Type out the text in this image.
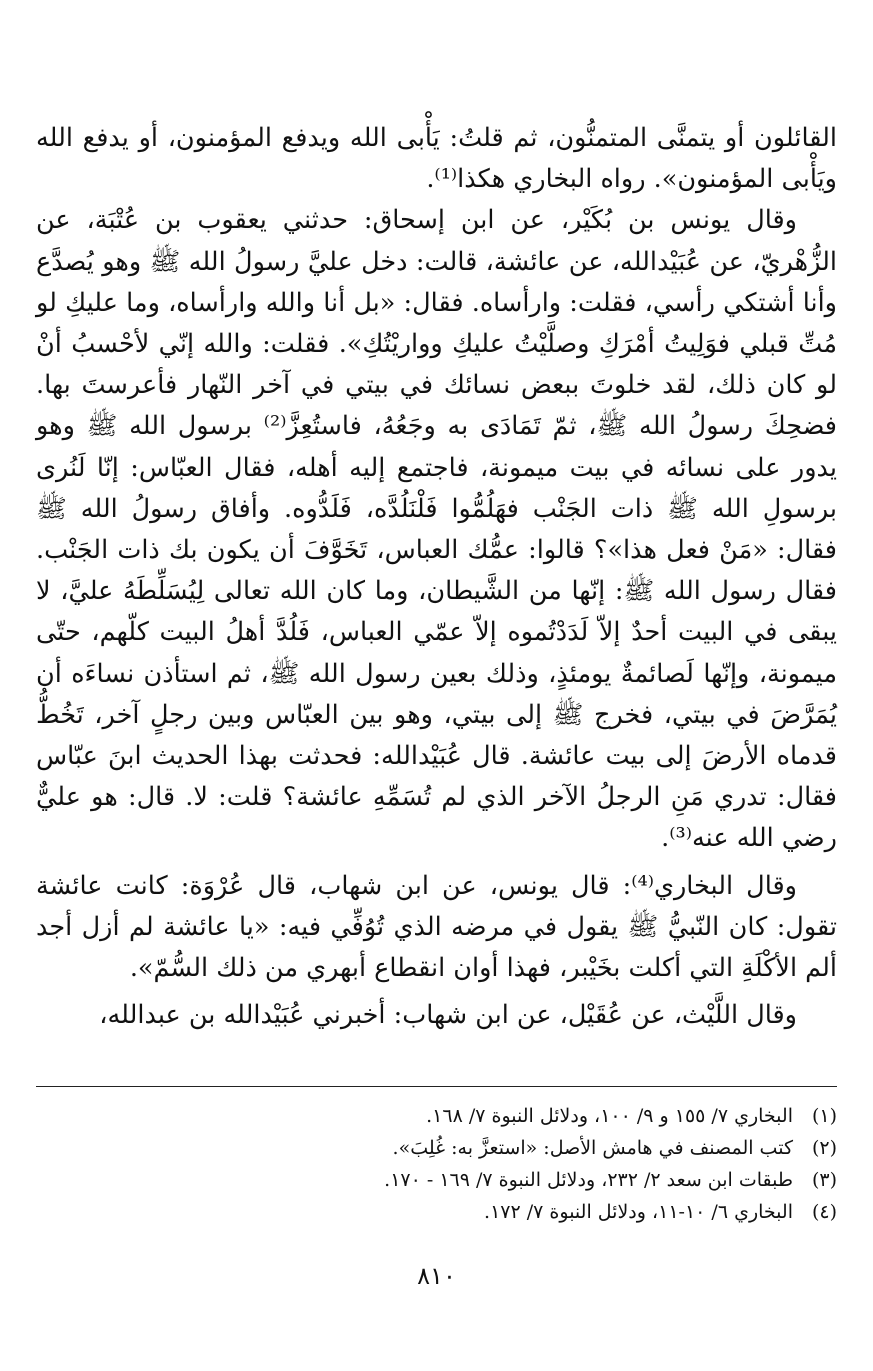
القائلون أو يتمنَّى المتمنُّون، ثم قلتُ: يَأْبى الله ويدفع المؤمنون، أو يدفع الله ويَأْبى المؤمنون». رواه البخاري هكذا⁽¹⁾.

وقال يونس بن بُكَيْر، عن ابن إسحاق: حدثني يعقوب بن عُتْبَة، عن الزُّهْريّ، عن عُبَيْدالله، عن عائشة، قالت: دخل عليَّ رسولُ الله ﷺ وهو يُصدَّع وأنا أشتكي رأسي، فقلت: وارأساه. فقال: «بل أنا والله وارأساه، وما عليكِ لو مُتِّ قبلي فوَلِيتُ أمْرَكِ وصلَّيْتُ عليكِ وواريْتُكِ». فقلت: والله إنّي لأحْسبُ أنْ لو كان ذلك، لقد خلوتَ ببعض نسائك في بيتي في آخر النّهار فأعرستَ بها. فضحِكَ رسولُ الله ﷺ، ثمّ تَمَادَى به وجَعُهُ، فاستُعِزَّ⁽²⁾ برسول الله ﷺ وهو يدور على نسائه في بيت ميمونة، فاجتمع إليه أهله، فقال العبّاس: إنّا لَنُرى برسولِ الله ﷺ ذات الجَنْب فهَلُمُّوا فَلْنَلُدَّه، فَلَدُّوه. وأفاق رسولُ الله ﷺ فقال: «مَنْ فعل هذا»؟ قالوا: عمُّك العباس، تَخَوَّفَ أن يكون بك ذات الجَنْب. فقال رسول الله ﷺ: إنّها من الشَّيطان، وما كان الله تعالى لِيُسَلِّطَهُ عليَّ، لا يبقى في البيت أحدٌ إلاّ لَدَدْتُموه إلاّ عمّي العباس، فَلُدَّ أهلُ البيت كلّهم، حتّى ميمونة، وإنّها لَصائمةٌ يومئذٍ، وذلك بعين رسول الله ﷺ، ثم استأذن نساءَه أن يُمَرَّضَ في بيتي، فخرج ﷺ إلى بيتي، وهو بين العبّاس وبين رجلٍ آخر، تَخُطُّ قدماه الأرضَ إلى بيت عائشة. قال عُبَيْدالله: فحدثت بهذا الحديث ابنَ عبّاس فقال: تدري مَنِ الرجلُ الآخر الذي لم تُسَمِّهِ عائشة؟ قلت: لا. قال: هو عليٌّ رضي الله عنه⁽³⁾.

وقال البخاري⁽⁴⁾: قال يونس، عن ابن شهاب، قال عُرْوَة: كانت عائشة تقول: كان النّبيُّ ﷺ يقول في مرضه الذي تُوُفِّي فيه: «يا عائشة لم أزل أجد ألم الأكْلَةِ التي أكلت بخَيْبر، فهذا أوان انقطاع أبهري من ذلك السُّمّ».

وقال اللَّيْث، عن عُقَيْل، عن ابن شهاب: أخبرني عُبَيْدالله بن عبدالله،

(١)
البخاري ٧/ ١٥٥ و ٩/ ١٠٠، ودلائل النبوة ٧/ ١٦٨.
(٢)
كتب المصنف في هامش الأصل: «استعزَّ به: غُلِبَ».
(٣)
طبقات ابن سعد ٢/ ٢٣٢، ودلائل النبوة ٧/ ١٦٩ - ١٧٠.
(٤)
البخاري ٦/ ١٠-١١، ودلائل النبوة ٧/ ١٧٢.
٨١٠
